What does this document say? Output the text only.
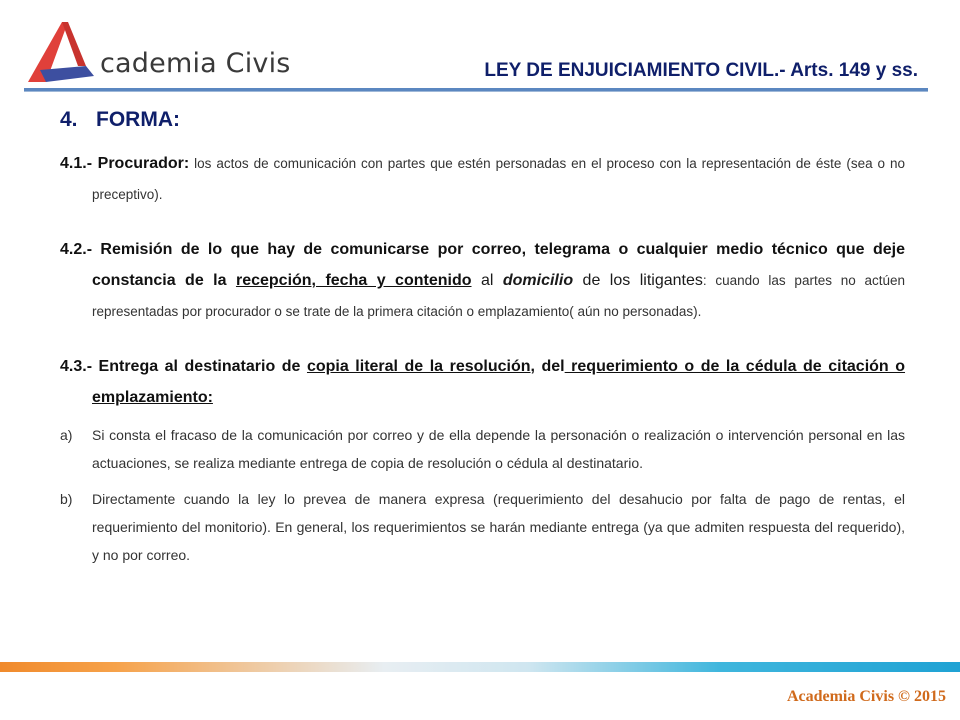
cademia Civis	LEY DE ENJUICIAMIENTO CIVIL.- Arts. 149 y ss.
4. FORMA:

4.1.- Procurador: los actos de comunicación con partes que estén personadas en el proceso con la representación de éste (sea o no preceptivo).

4.2.- Remisión de lo que hay de comunicarse por correo, telegrama o cualquier medio técnico que deje constancia de la recepción, fecha y contenido al domicilio de los litigantes: cuando las partes no actúen representadas por procurador o se trate de la primera citación o emplazamiento( aún no personadas).

4.3.- Entrega al destinatario de copia literal de la resolución, del requerimiento o de la cédula de citación o emplazamiento:

a)	Si consta el fracaso de la comunicación por correo y de ella depende la personación o realización o intervención personal en las actuaciones, se realiza mediante entrega de copia de resolución o cédula al destinatario.
b)	Directamente cuando la ley lo prevea de manera expresa (requerimiento del desahucio por falta de pago de rentas, el requerimiento del monitorio). En general, los requerimientos se harán mediante entrega (ya que admiten respuesta del requerido), y no por correo.
Academia Civis © 2015
